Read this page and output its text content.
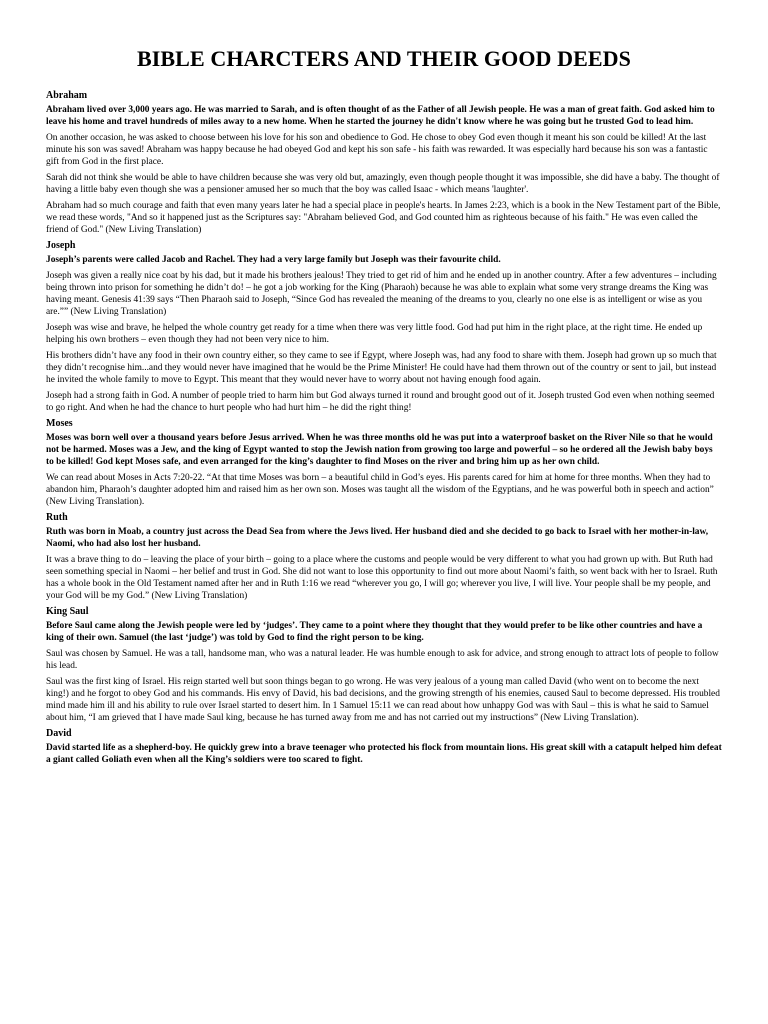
BIBLE CHARCTERS AND THEIR GOOD DEEDS
Abraham

Abraham lived over 3,000 years ago. He was married to Sarah, and is often thought of as the Father of all Jewish people. He was a man of great faith. God asked him to leave his home and travel hundreds of miles away to a new home. When he started the journey he didn't know where he was going but he trusted God to lead him.

On another occasion, he was asked to choose between his love for his son and obedience to God. He chose to obey God even though it meant his son could be killed! At the last minute his son was saved! Abraham was happy because he had obeyed God and kept his son safe - his faith was rewarded. It was especially hard because his son was a fantastic gift from God in the first place.

Sarah did not think she would be able to have children because she was very old but, amazingly, even though people thought it was impossible, she did have a baby. The thought of having a little baby even though she was a pensioner amused her so much that the boy was called Isaac - which means 'laughter'.

Abraham had so much courage and faith that even many years later he had a special place in people's hearts. In James 2:23, which is a book in the New Testament part of the Bible, we read these words, "And so it happened just as the Scriptures say: "Abraham believed God, and God counted him as righteous because of his faith." He was even called the friend of God." (New Living Translation)

Joseph

Joseph’s parents were called Jacob and Rachel. They had a very large family but Joseph was their favourite child.

Joseph was given a really nice coat by his dad, but it made his brothers jealous! They tried to get rid of him and he ended up in another country. After a few adventures – including being thrown into prison for something he didn’t do! – he got a job working for the King (Pharaoh) because he was able to explain what some very strange dreams the King was having meant. Genesis 41:39 says “Then Pharaoh said to Joseph, “Since God has revealed the meaning of the dreams to you, clearly no one else is as intelligent or wise as you are.”” (New Living Translation)

Joseph was wise and brave, he helped the whole country get ready for a time when there was very little food. God had put him in the right place, at the right time. He ended up helping his own brothers – even though they had not been very nice to him.

His brothers didn’t have any food in their own country either, so they came to see if Egypt, where Joseph was, had any food to share with them. Joseph had grown up so much that they didn’t recognise him...and they would never have imagined that he would be the Prime Minister! He could have had them thrown out of the country or sent to jail, but instead he invited the whole family to move to Egypt. This meant that they would never have to worry about not having enough food again.

Joseph had a strong faith in God. A number of people tried to harm him but God always turned it round and brought good out of it. Joseph trusted God even when nothing seemed to go right. And when he had the chance to hurt people who had hurt him – he did the right thing!

Moses

Moses was born well over a thousand years before Jesus arrived. When he was three months old he was put into a waterproof basket on the River Nile so that he would not be harmed. Moses was a Jew, and the king of Egypt wanted to stop the Jewish nation from growing too large and powerful – so he ordered all the Jewish baby boys to be killed! God kept Moses safe, and even arranged for the king’s daughter to find Moses on the river and bring him up as her own child.

We can read about Moses in Acts 7:20-22. “At that time Moses was born – a beautiful child in God’s eyes. His parents cared for him at home for three months. When they had to abandon him, Pharaoh’s daughter adopted him and raised him as her own son. Moses was taught all the wisdom of the Egyptians, and he was powerful both in speech and action” (New Living Translation).

Ruth

Ruth was born in Moab, a country just across the Dead Sea from where the Jews lived. Her husband died and she decided to go back to Israel with her mother-in-law, Naomi, who had also lost her husband.

It was a brave thing to do – leaving the place of your birth – going to a place where the customs and people would be very different to what you had grown up with. But Ruth had seen something special in Naomi – her belief and trust in God. She did not want to lose this opportunity to find out more about Naomi’s faith, so went back with her to Israel. Ruth has a whole book in the Old Testament named after her and in Ruth 1:16 we read “wherever you go, I will go; wherever you live, I will live. Your people shall be my people, and your God will be my God.” (New Living Translation)

King Saul

Before Saul came along the Jewish people were led by ‘judges’. They came to a point where they thought that they would prefer to be like other countries and have a king of their own. Samuel (the last ‘judge’) was told by God to find the right person to be king.

Saul was chosen by Samuel. He was a tall, handsome man, who was a natural leader. He was humble enough to ask for advice, and strong enough to attract lots of people to follow his lead.

Saul was the first king of Israel. His reign started well but soon things began to go wrong. He was very jealous of a young man called David (who went on to become the next king!) and he forgot to obey God and his commands. His envy of David, his bad decisions, and the growing strength of his enemies, caused Saul to become depressed. His troubled mind made him ill and his ability to rule over Israel started to desert him. In 1 Samuel 15:11 we can read about how unhappy God was with Saul – this is what he said to Samuel about him, “I am grieved that I have made Saul king, because he has turned away from me and has not carried out my instructions” (New Living Translation).

David

David started life as a shepherd-boy. He quickly grew into a brave teenager who protected his flock from mountain lions. His great skill with a catapult helped him defeat a giant called Goliath even when all the King’s soldiers were too scared to fight.
